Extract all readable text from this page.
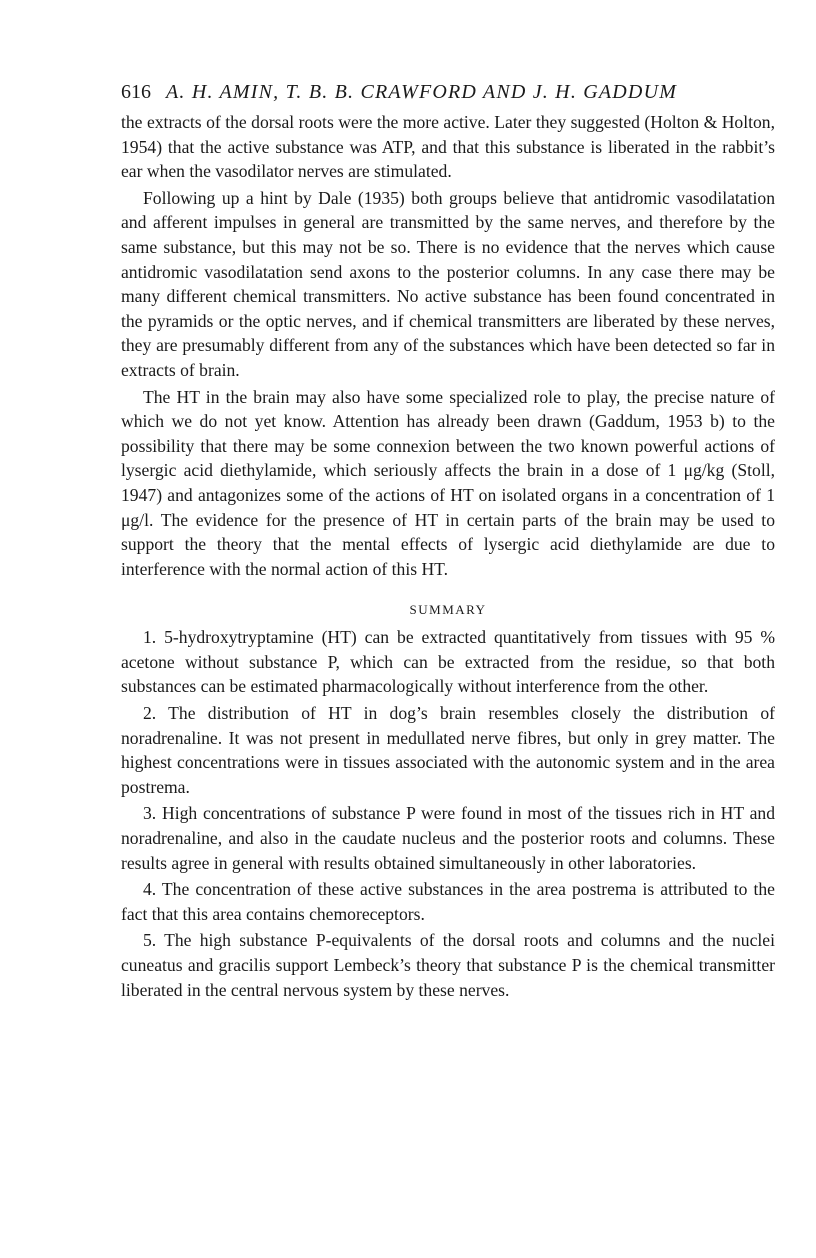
616 A. H. AMIN, T. B. B. CRAWFORD AND J. H. GADDUM

the extracts of the dorsal roots were the more active. Later they suggested (Holton & Holton, 1954) that the active substance was ATP, and that this substance is liberated in the rabbit’s ear when the vasodilator nerves are stimulated.

Following up a hint by Dale (1935) both groups believe that antidromic vasodilatation and afferent impulses in general are transmitted by the same nerves, and therefore by the same substance, but this may not be so. There is no evidence that the nerves which cause antidromic vasodilatation send axons to the posterior columns. In any case there may be many different chemical transmitters. No active substance has been found concentrated in the pyramids or the optic nerves, and if chemical transmitters are liberated by these nerves, they are presumably different from any of the substances which have been detected so far in extracts of brain.

The HT in the brain may also have some specialized role to play, the precise nature of which we do not yet know. Attention has already been drawn (Gaddum, 1953 b) to the possibility that there may be some connexion between the two known powerful actions of lysergic acid diethylamide, which seriously affects the brain in a dose of 1 μg/kg (Stoll, 1947) and antagonizes some of the actions of HT on isolated organs in a concentration of 1 μg/l. The evidence for the presence of HT in certain parts of the brain may be used to support the theory that the mental effects of lysergic acid diethylamide are due to interference with the normal action of this HT.

SUMMARY

1. 5-hydroxytryptamine (HT) can be extracted quantitatively from tissues with 95 % acetone without substance P, which can be extracted from the residue, so that both substances can be estimated pharmacologically without interference from the other.

2. The distribution of HT in dog’s brain resembles closely the distribution of noradrenaline. It was not present in medullated nerve fibres, but only in grey matter. The highest concentrations were in tissues associated with the autonomic system and in the area postrema.

3. High concentrations of substance P were found in most of the tissues rich in HT and noradrenaline, and also in the caudate nucleus and the posterior roots and columns. These results agree in general with results obtained simultaneously in other laboratories.

4. The concentration of these active substances in the area postrema is attributed to the fact that this area contains chemoreceptors.

5. The high substance P-equivalents of the dorsal roots and columns and the nuclei cuneatus and gracilis support Lembeck’s theory that substance P is the chemical transmitter liberated in the central nervous system by these nerves.
